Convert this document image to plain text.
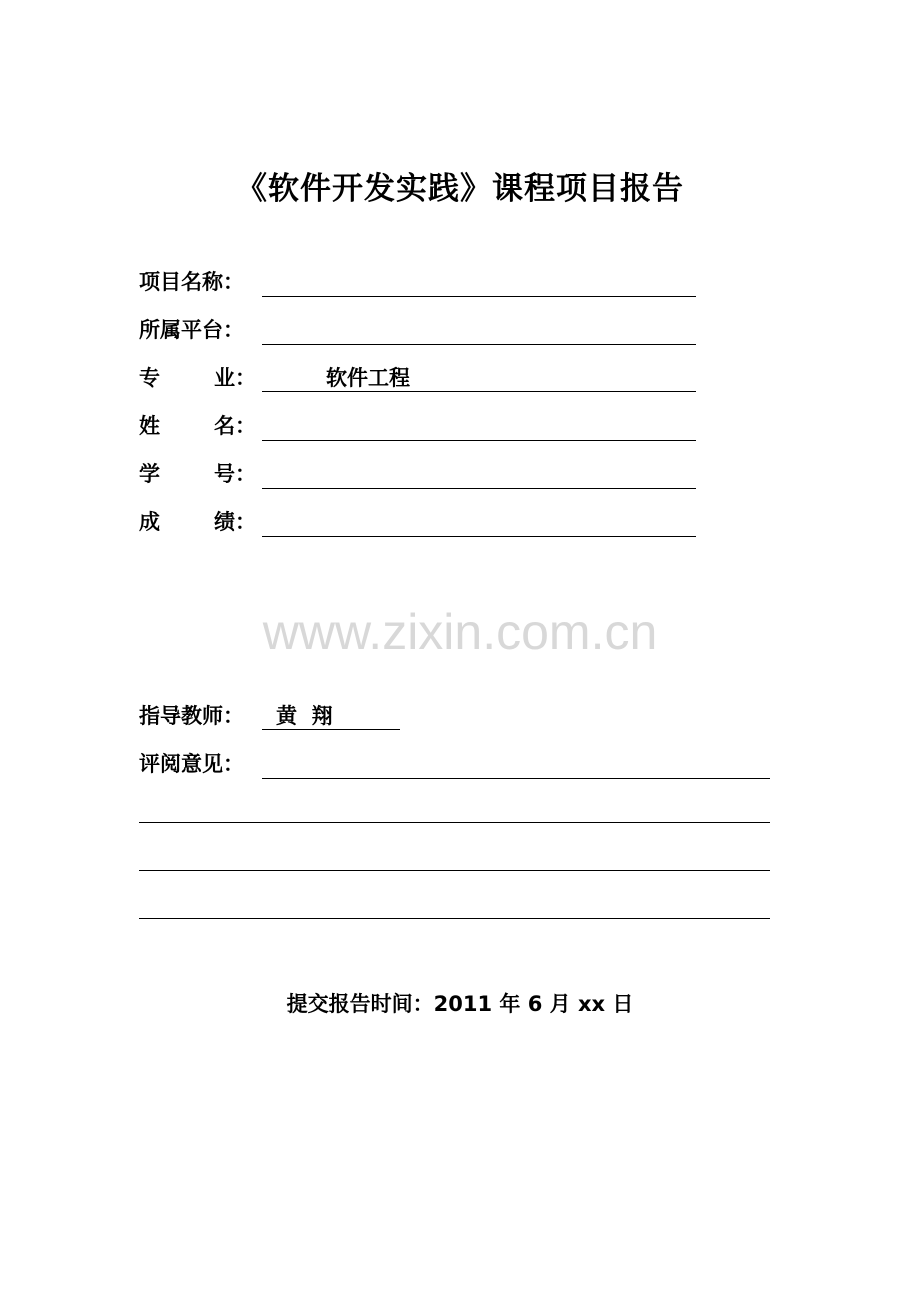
《软件开发实践》课程项目报告
项目名称：
所属平台：
专	业：	软件工程
姓	名：
学	号：
成	绩：
www.zixin.com.cn
指导教师：	黄  翔
评阅意见：
提交报告时间：2011 年 6 月 xx 日
